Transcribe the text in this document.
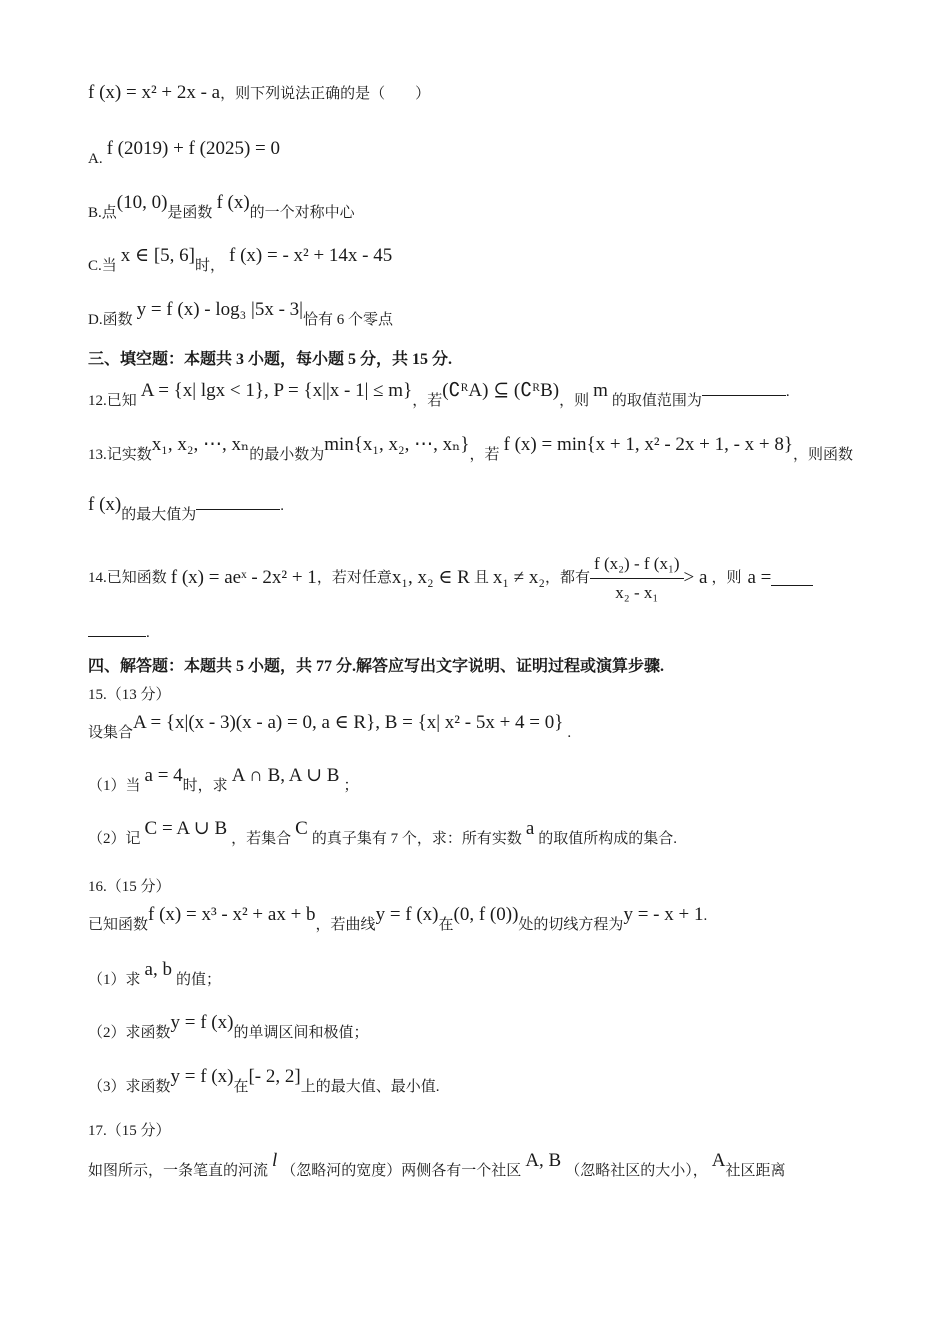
f (x) = x² + 2x - a，则下列说法正确的是（　　）
A. f (2019) + f (2025) = 0
B.点(10, 0)是函数 f (x)的一个对称中心
C.当 x ∈ [5, 6]时， f (x) = - x² + 14x - 45
D.函数 y = f (x) - log₃ |5x - 3|恰有 6 个零点
三、填空题：本题共 3 小题，每小题 5 分，共 15 分.
12.已知 A = {x| lgx < 1}, P = {x||x - 1| ≤ m}，若(∁ᴿA) ⊆ (∁ᴿB)，则 m 的取值范围为.
13.记实数x₁, x₂, ⋯, xₙ的最小数为min{x₁, x₂, ⋯, xₙ}，若 f (x) = min{x + 1, x² - 2x + 1, - x + 8}，则函数
f (x)的最大值为.
14.已知函数 f (x) = aeˣ - 2x² + 1 ，若对任意 x₁, x₂ ∈ R 且 x₁ ≠ x₂ ，都有 $\frac{\text{f (x₂) - f (x₁)}}{\text{x₂ - x₁}} > a$ ，则 a =
.
四、解答题：本题共 5 小题，共 77 分.解答应写出文字说明、证明过程或演算步骤.
15.（13 分）
设集合A = {x|(x - 3)(x - a) = 0, a ∈ R}, B = {x| x² - 5x + 4 = 0} .
（1）当 a = 4时，求 A ∩ B, A ∪ B ；
（2）记 C = A ∪ B ，若集合 C 的真子集有 7 个，求：所有实数 a 的取值所构成的集合.
16.（15 分）
已知函数f (x) = x³ - x² + ax + b，若曲线y = f (x)在(0, f (0))处的切线方程为y = - x + 1.
（1）求 a, b 的值；
（2）求函数y = f (x)的单调区间和极值；
（3）求函数y = f (x)在[- 2, 2]上的最大值、最小值.
17.（15 分）
如图所示，一条笔直的河流 l （忽略河的宽度）两侧各有一个社区 A, B （忽略社区的大小）， A社区距离
